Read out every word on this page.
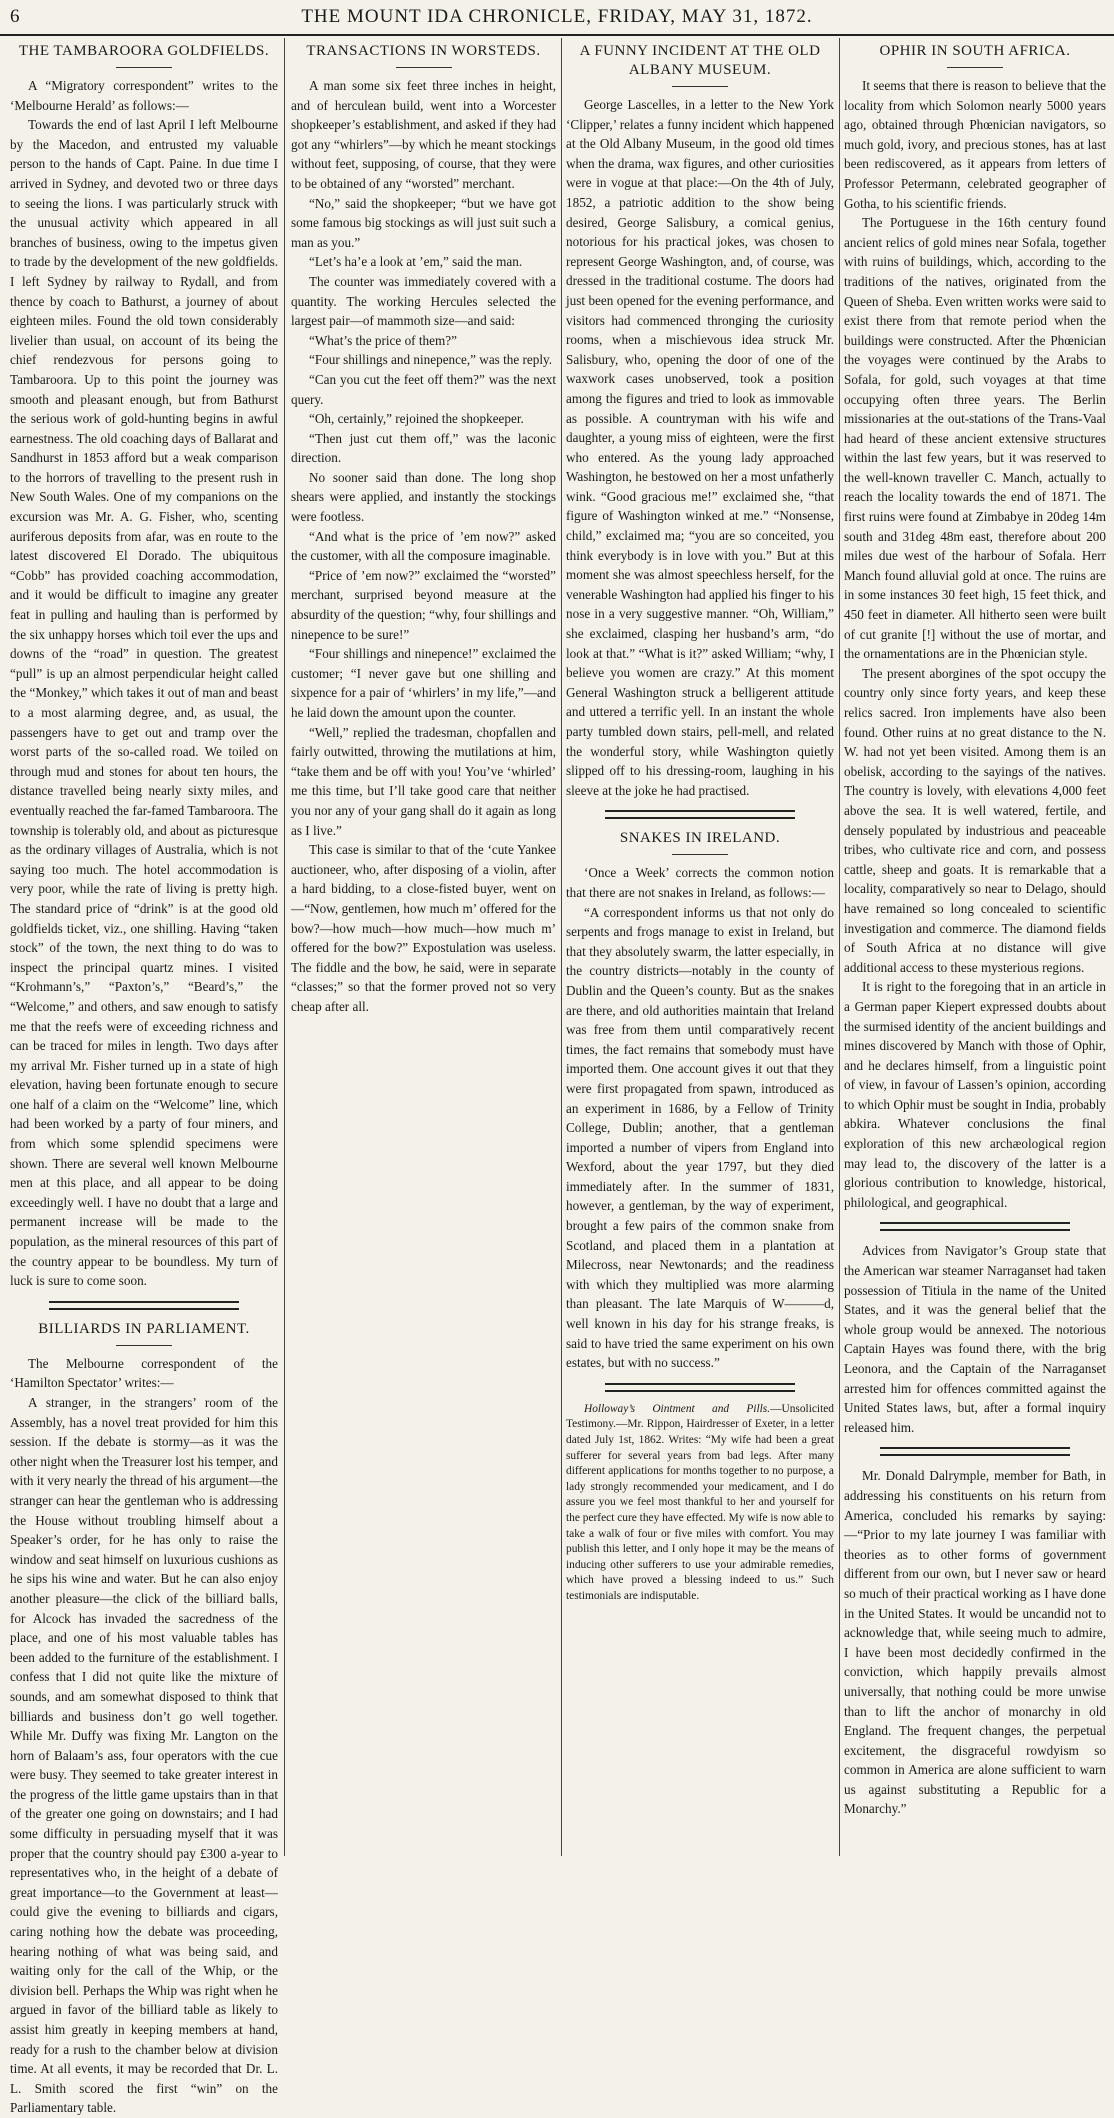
6	THE MOUNT IDA CHRONICLE, FRIDAY, MAY 31, 1872.
THE TAMBAROORA GOLDFIELDS.

A “Migratory correspondent” writes to the ‘Melbourne Herald’ as follows:—

Towards the end of last April I left Melbourne by the Macedon, and entrusted my valuable person to the hands of Capt. Paine. In due time I arrived in Sydney, and devoted two or three days to seeing the lions. I was particularly struck with the unusual activity which appeared in all branches of business, owing to the impetus given to trade by the development of the new goldfields. I left Sydney by railway to Rydall, and from thence by coach to Bathurst, a journey of about eighteen miles. Found the old town considerably livelier than usual, on account of its being the chief rendezvous for persons going to Tambaroora. Up to this point the journey was smooth and pleasant enough, but from Bathurst the serious work of gold-hunting begins in awful earnestness. The old coaching days of Ballarat and Sandhurst in 1853 afford but a weak comparison to the horrors of travelling to the present rush in New South Wales. One of my companions on the excursion was Mr. A. G. Fisher, who, scenting auriferous deposits from afar, was en route to the latest discovered El Dorado. The ubiquitous “Cobb” has provided coaching accommodation, and it would be difficult to imagine any greater feat in pulling and hauling than is performed by the six unhappy horses which toil ever the ups and downs of the “road” in question. The greatest “pull” is up an almost perpendicular height called the “Monkey,” which takes it out of man and beast to a most alarming degree, and, as usual, the passengers have to get out and tramp over the worst parts of the so-called road. We toiled on through mud and stones for about ten hours, the distance travelled being nearly sixty miles, and eventually reached the far-famed Tambaroora. The township is tolerably old, and about as picturesque as the ordinary villages of Australia, which is not saying too much. The hotel accommodation is very poor, while the rate of living is pretty high. The standard price of “drink” is at the good old goldfields ticket, viz., one shilling. Having “taken stock” of the town, the next thing to do was to inspect the principal quartz mines. I visited “Krohmann’s,” “Paxton’s,” “Beard’s,” the “Welcome,” and others, and saw enough to satisfy me that the reefs were of exceeding richness and can be traced for miles in length. Two days after my arrival Mr. Fisher turned up in a state of high elevation, having been fortunate enough to secure one half of a claim on the “Welcome” line, which had been worked by a party of four miners, and from which some splendid specimens were shown. There are several well known Melbourne men at this place, and all appear to be doing exceedingly well. I have no doubt that a large and permanent increase will be made to the population, as the mineral resources of this part of the country appear to be boundless. My turn of luck is sure to come soon.

BILLIARDS IN PARLIAMENT.

The Melbourne correspondent of the ‘Hamilton Spectator’ writes:—

A stranger, in the strangers’ room of the Assembly, has a novel treat provided for him this session. If the debate is stormy—as it was the other night when the Treasurer lost his temper, and with it very nearly the thread of his argument—the stranger can hear the gentleman who is addressing the House without troubling himself about a Speaker’s order, for he has only to raise the window and seat himself on luxurious cushions as he sips his wine and water. But he can also enjoy another pleasure—the click of the billiard balls, for Alcock has invaded the sacredness of the place, and one of his most valuable tables has been added to the furniture of the establishment. I confess that I did not quite like the mixture of sounds, and am somewhat disposed to think that billiards and business don’t go well together. While Mr. Duffy was fixing Mr. Langton on the horn of Balaam’s ass, four operators with the cue were busy. They seemed to take greater interest in the progress of the little game upstairs than in that of the greater one going on downstairs; and I had some difficulty in persuading myself that it was proper that the country should pay £300 a-year to representatives who, in the height of a debate of great importance—to the Government at least—could give the evening to billiards and cigars, caring nothing how the debate was proceeding, hearing nothing of what was being said, and waiting only for the call of the Whip, or the division bell. Perhaps the Whip was right when he argued in favor of the billiard table as likely to assist him greatly in keeping members at hand, ready for a rush to the chamber below at division time. At all events, it may be recorded that Dr. L. L. Smith scored the first “win” on the Parliamentary table.

TRANSACTIONS IN WORSTEDS.

A man some six feet three inches in height, and of herculean build, went into a Worcester shopkeeper’s establishment, and asked if they had got any “whirlers”—by which he meant stockings without feet, supposing, of course, that they were to be obtained of any “worsted” merchant.

“No,” said the shopkeeper; “but we have got some famous big stockings as will just suit such a man as you.”

“Let’s ha’e a look at ’em,” said the man.

The counter was immediately covered with a quantity. The working Hercules selected the largest pair—of mammoth size—and said:

“What’s the price of them?”

“Four shillings and ninepence,” was the reply.

“Can you cut the feet off them?” was the next query.

“Oh, certainly,” rejoined the shopkeeper.

“Then just cut them off,” was the laconic direction.

No sooner said than done. The long shop shears were applied, and instantly the stockings were footless.

“And what is the price of ’em now?” asked the customer, with all the composure imaginable.

“Price of ’em now?” exclaimed the “worsted” merchant, surprised beyond measure at the absurdity of the question; “why, four shillings and ninepence to be sure!”

“Four shillings and ninepence!” exclaimed the customer; “I never gave but one shilling and sixpence for a pair of ‘whirlers’ in my life,”—and he laid down the amount upon the counter.

“Well,” replied the tradesman, chopfallen and fairly outwitted, throwing the mutilations at him, “take them and be off with you! You’ve ‘whirled’ me this time, but I’ll take good care that neither you nor any of your gang shall do it again as long as I live.”

This case is similar to that of the ‘cute Yankee auctioneer, who, after disposing of a violin, after a hard bidding, to a close-fisted buyer, went on—“Now, gentlemen, how much m’ offered for the bow?—how much—how much—how much m’ offered for the bow?” Expostulation was useless. The fiddle and the bow, he said, were in separate “classes;” so that the former proved not so very cheap after all.

A FUNNY INCIDENT AT THE OLD ALBANY MUSEUM.

George Lascelles, in a letter to the New York ‘Clipper,’ relates a funny incident which happened at the Old Albany Museum, in the good old times when the drama, wax figures, and other curiosities were in vogue at that place:—On the 4th of July, 1852, a patriotic addition to the show being desired, George Salisbury, a comical genius, notorious for his practical jokes, was chosen to represent George Washington, and, of course, was dressed in the traditional costume. The doors had just been opened for the evening performance, and visitors had commenced thronging the curiosity rooms, when a mischievous idea struck Mr. Salisbury, who, opening the door of one of the waxwork cases unobserved, took a position among the figures and tried to look as immovable as possible. A countryman with his wife and daughter, a young miss of eighteen, were the first who entered. As the young lady approached Washington, he bestowed on her a most unfatherly wink. “Good gracious me!” exclaimed she, “that figure of Washington winked at me.” “Nonsense, child,” exclaimed ma; “you are so conceited, you think everybody is in love with you.” But at this moment she was almost speechless herself, for the venerable Washington had applied his finger to his nose in a very suggestive manner. “Oh, William,” she exclaimed, clasping her husband’s arm, “do look at that.” “What is it?” asked William; “why, I believe you women are crazy.” At this moment General Washington struck a belligerent attitude and uttered a terrific yell. In an instant the whole party tumbled down stairs, pell-mell, and related the wonderful story, while Washington quietly slipped off to his dressing-room, laughing in his sleeve at the joke he had practised.

SNAKES IN IRELAND.

‘Once a Week’ corrects the common notion that there are not snakes in Ireland, as follows:—

“A correspondent informs us that not only do serpents and frogs manage to exist in Ireland, but that they absolutely swarm, the latter especially, in the country districts—notably in the county of Dublin and the Queen’s county. But as the snakes are there, and old authorities maintain that Ireland was free from them until comparatively recent times, the fact remains that somebody must have imported them. One account gives it out that they were first propagated from spawn, introduced as an experiment in 1686, by a Fellow of Trinity College, Dublin; another, that a gentleman imported a number of vipers from England into Wexford, about the year 1797, but they died immediately after. In the summer of 1831, however, a gentleman, by the way of experiment, brought a few pairs of the common snake from Scotland, and placed them in a plantation at Milecross, near Newtonards; and the readiness with which they multiplied was more alarming than pleasant. The late Marquis of W———d, well known in his day for his strange freaks, is said to have tried the same experiment on his own estates, but with no success.”

Holloway’s Ointment and Pills.—Unsolicited Testimony.—Mr. Rippon, Hairdresser of Exeter, in a letter dated July 1st, 1862. Writes: “My wife had been a great sufferer for several years from bad legs. After many different applications for months together to no purpose, a lady strongly recommended your medicament, and I do assure you we feel most thankful to her and yourself for the perfect cure they have effected. My wife is now able to take a walk of four or five miles with comfort. You may publish this letter, and I only hope it may be the means of inducing other sufferers to use your admirable remedies, which have proved a blessing indeed to us.” Such testimonials are indisputable.

OPHIR IN SOUTH AFRICA.

It seems that there is reason to believe that the locality from which Solomon nearly 5000 years ago, obtained through Phœnician navigators, so much gold, ivory, and precious stones, has at last been rediscovered, as it appears from letters of Professor Petermann, celebrated geographer of Gotha, to his scientific friends.

The Portuguese in the 16th century found ancient relics of gold mines near Sofala, together with ruins of buildings, which, according to the traditions of the natives, originated from the Queen of Sheba. Even written works were said to exist there from that remote period when the buildings were constructed. After the Phœnician the voyages were continued by the Arabs to Sofala, for gold, such voyages at that time occupying often three years. The Berlin missionaries at the out-stations of the Trans-Vaal had heard of these ancient extensive structures within the last few years, but it was reserved to the well-known traveller C. Manch, actually to reach the locality towards the end of 1871. The first ruins were found at Zimbabye in 20deg 14m south and 31deg 48m east, therefore about 200 miles due west of the harbour of Sofala. Herr Manch found alluvial gold at once. The ruins are in some instances 30 feet high, 15 feet thick, and 450 feet in diameter. All hitherto seen were built of cut granite [!] without the use of mortar, and the ornamentations are in the Phœnician style.

The present aborgines of the spot occupy the country only since forty years, and keep these relics sacred. Iron implements have also been found. Other ruins at no great distance to the N. W. had not yet been visited. Among them is an obelisk, according to the sayings of the natives. The country is lovely, with elevations 4,000 feet above the sea. It is well watered, fertile, and densely populated by industrious and peaceable tribes, who cultivate rice and corn, and possess cattle, sheep and goats. It is remarkable that a locality, comparatively so near to Delago, should have remained so long concealed to scientific investigation and commerce. The diamond fields of South Africa at no distance will give additional access to these mysterious regions.

It is right to the foregoing that in an article in a German paper Kiepert expressed doubts about the surmised identity of the ancient buildings and mines discovered by Manch with those of Ophir, and he declares himself, from a linguistic point of view, in favour of Lassen’s opinion, according to which Ophir must be sought in India, probably abkira. Whatever conclusions the final exploration of this new archæological region may lead to, the discovery of the latter is a glorious contribution to knowledge, historical, philological, and geographical.

Advices from Navigator’s Group state that the American war steamer Narraganset had taken possession of Titiula in the name of the United States, and it was the general belief that the whole group would be annexed. The notorious Captain Hayes was found there, with the brig Leonora, and the Captain of the Narraganset arrested him for offences committed against the United States laws, but, after a formal inquiry released him.

Mr. Donald Dalrymple, member for Bath, in addressing his constituents on his return from America, concluded his remarks by saying:—“Prior to my late journey I was familiar with theories as to other forms of government different from our own, but I never saw or heard so much of their practical working as I have done in the United States. It would be uncandid not to acknowledge that, while seeing much to admire, I have been most decidedly confirmed in the conviction, which happily prevails almost universally, that nothing could be more unwise than to lift the anchor of monarchy in old England. The frequent changes, the perpetual excitement, the disgraceful rowdyism so common in America are alone sufficient to warn us against substituting a Republic for a Monarchy.”
